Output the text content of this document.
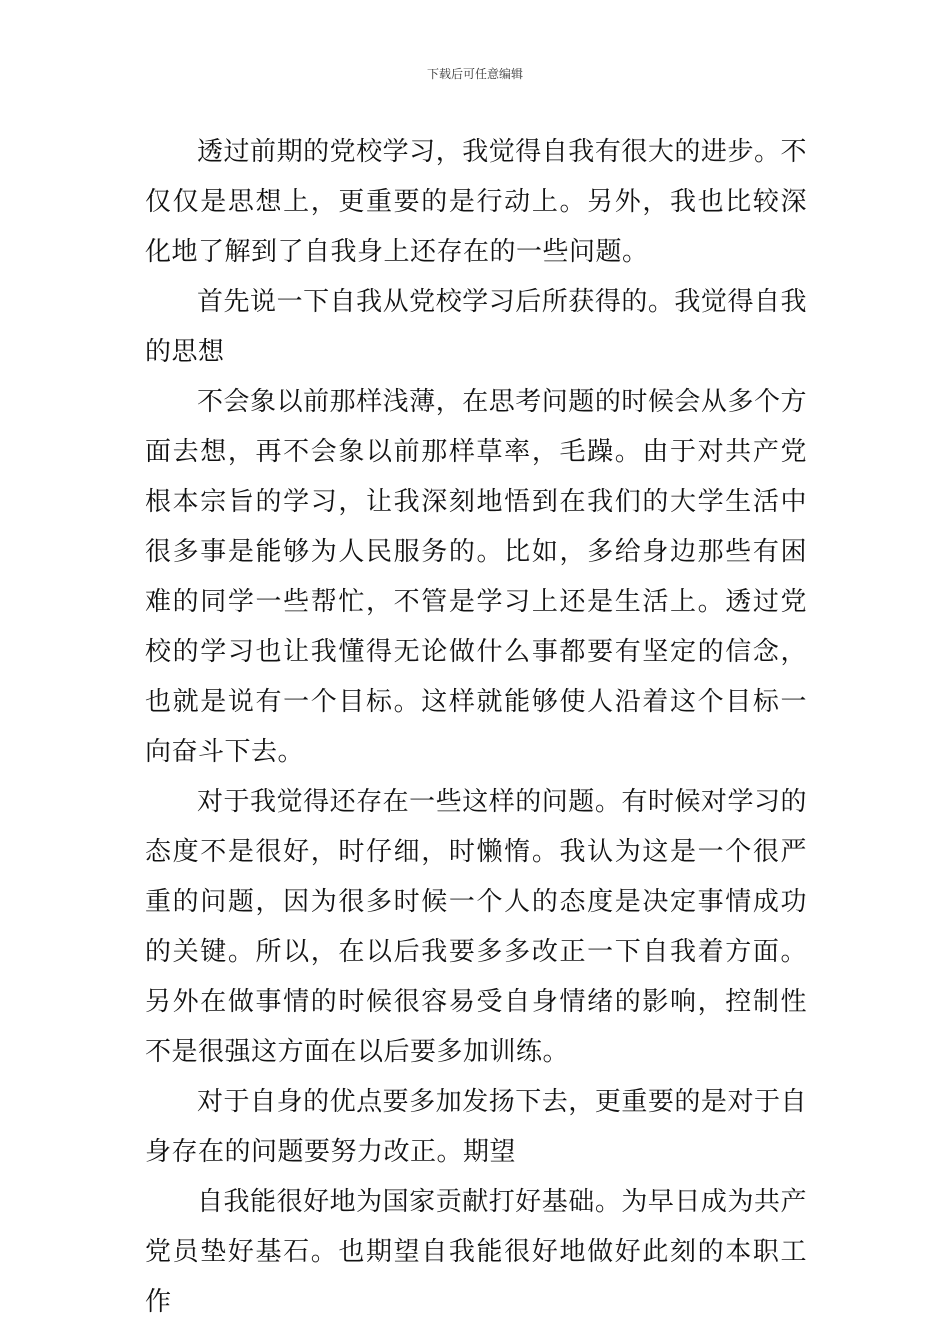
下载后可任意编辑

透过前期的党校学习，我觉得自我有很大的进步。不仅仅是思想上，更重要的是行动上。另外，我也比较深化地了解到了自我身上还存在的一些问题。

首先说一下自我从党校学习后所获得的。我觉得自我的思想

不会象以前那样浅薄，在思考问题的时候会从多个方面去想，再不会象以前那样草率，毛躁。由于对共产党根本宗旨的学习，让我深刻地悟到在我们的大学生活中很多事是能够为人民服务的。比如，多给身边那些有困难的同学一些帮忙，不管是学习上还是生活上。透过党校的学习也让我懂得无论做什么事都要有坚定的信念，也就是说有一个目标。这样就能够使人沿着这个目标一向奋斗下去。

对于我觉得还存在一些这样的问题。有时候对学习的态度不是很好，时仔细，时懒惰。我认为这是一个很严重的问题，因为很多时候一个人的态度是决定事情成功的关键。所以，在以后我要多多改正一下自我着方面。另外在做事情的时候很容易受自身情绪的影响，控制性不是很强这方面在以后要多加训练。

对于自身的优点要多加发扬下去，更重要的是对于自身存在的问题要努力改正。期望

自我能很好地为国家贡献打好基础。为早日成为共产党员垫好基石。也期望自我能很好地做好此刻的本职工作
